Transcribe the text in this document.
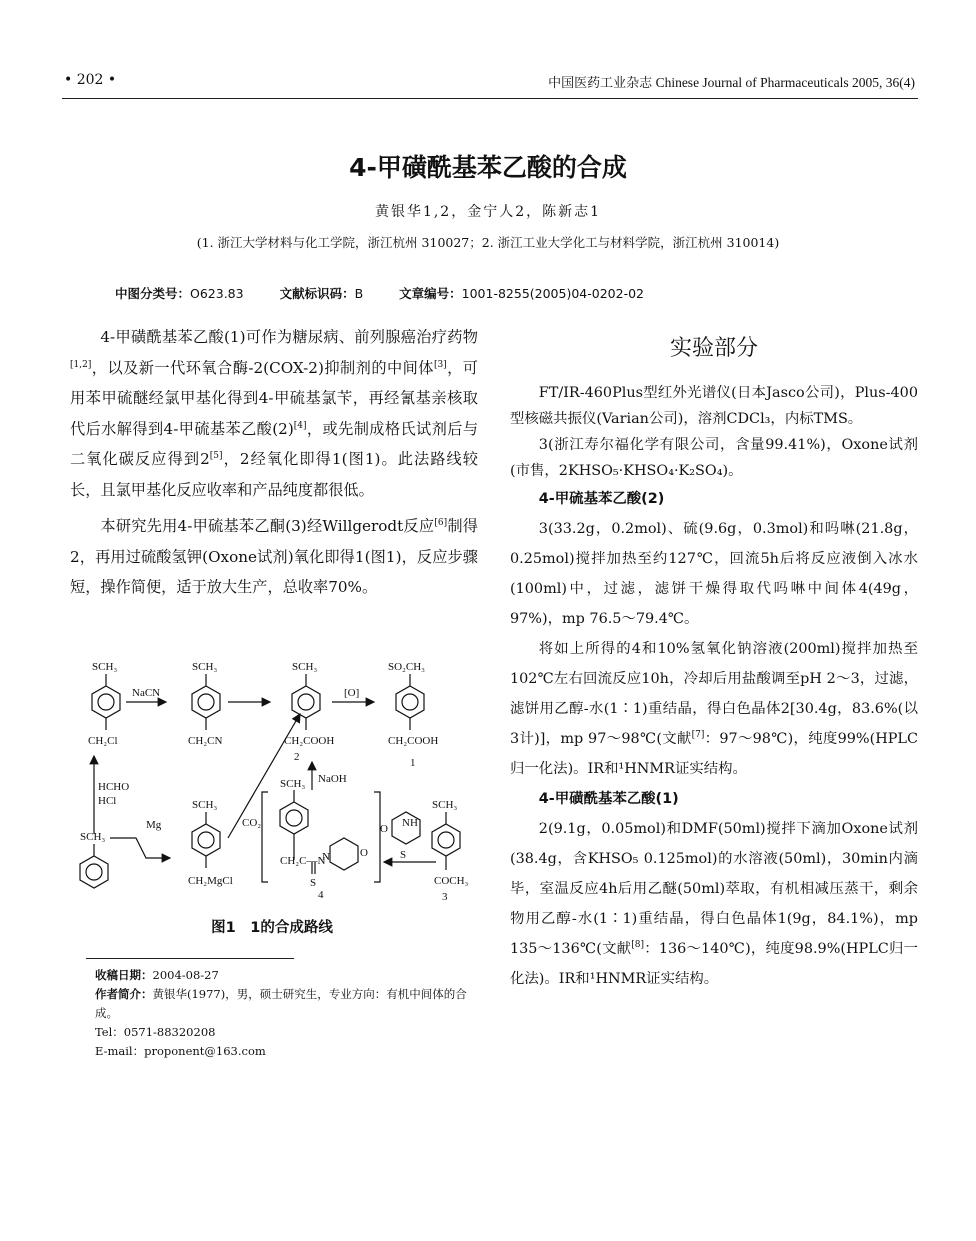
• 202 •	中国医药工业杂志 Chinese Journal of Pharmaceuticals 2005, 36(4)
4-甲磺酰基苯乙酸的合成
黄银华1,2，金宁人2，陈新志1
(1. 浙江大学材料与化工学院，浙江杭州 310027；2. 浙江工业大学化工与材料学院，浙江杭州 310014)
中图分类号：O623.83	文献标识码：B	文章编号：1001-8255(2005)04-0202-02

4-甲磺酰基苯乙酸(1)可作为糖尿病、前列腺癌治疗药物[1,2]，以及新一代环氧合酶-2(COX-2)抑制剂的中间体[3]，可用苯甲硫醚经氯甲基化得到4-甲硫基氯苄，再经氰基亲核取代后水解得到4-甲硫基苯乙酸(2)[4]，或先制成格氏试剂后与二氧化碳反应得到2[5]，2经氧化即得1(图1)。此法路线较长，且氯甲基化反应收率和产品纯度都很低。

本研究先用4-甲硫基苯乙酮(3)经Willgerodt反应[6]制得2，再用过硫酸氢钾(Oxone试剂)氧化即得1(图1)，反应步骤短，操作简便，适于放大生产，总收率70%。

SCH₃	SCH₃	SCH₃	SO₂CH₃
NaCN	[O]
CH₂Cl	CH₂CN	CH₂COOH	CH₂COOH
2	1
HCHO
HCl
NaOH
SCH₃
SCH₃
SCH₃
Mg	CO₂	NH
O
S
SCH₃
CH₂C—N
N	O
S
CH₂MgCl
4
COCH₃
3
图1　1的合成路线
收稿日期：2004-08-27
作者简介：黄银华(1977)，男，硕士研究生，专业方向：有机中间体的合成。
Tel：0571-88320208
E-mail：proponent@163.com
实验部分

FT/IR-460Plus型红外光谱仪(日本Jasco公司)，Plus-400型核磁共振仪(Varian公司)，溶剂CDCl₃，内标TMS。

3(浙江寿尔福化学有限公司，含量99.41%)，Oxone试剂(市售，2KHSO₅·KHSO₄·K₂SO₄)。

4-甲硫基苯乙酸(2)

3(33.2g，0.2mol)、硫(9.6g，0.3mol)和吗啉(21.8g，0.25mol)搅拌加热至约127℃，回流5h后将反应液倒入冰水(100ml)中，过滤，滤饼干燥得取代吗啉中间体4(49g，97%)，mp 76.5～79.4℃。

将如上所得的4和10%氢氧化钠溶液(200ml)搅拌加热至102℃左右回流反应10h，冷却后用盐酸调至pH 2～3，过滤，滤饼用乙醇-水(1∶1)重结晶，得白色晶体2[30.4g，83.6%(以3计)]，mp 97～98℃(文献[7]：97～98℃)，纯度99%(HPLC归一化法)。IR和¹HNMR证实结构。

4-甲磺酰基苯乙酸(1)

2(9.1g，0.05mol)和DMF(50ml)搅拌下滴加Oxone试剂(38.4g，含KHSO₅ 0.125mol)的水溶液(50ml)，30min内滴毕，室温反应4h后用乙醚(50ml)萃取，有机相减压蒸干，剩余物用乙醇-水(1∶1)重结晶，得白色晶体1(9g，84.1%)，mp 135～136℃(文献[8]：136～140℃)，纯度98.9%(HPLC归一化法)。IR和¹HNMR证实结构。
